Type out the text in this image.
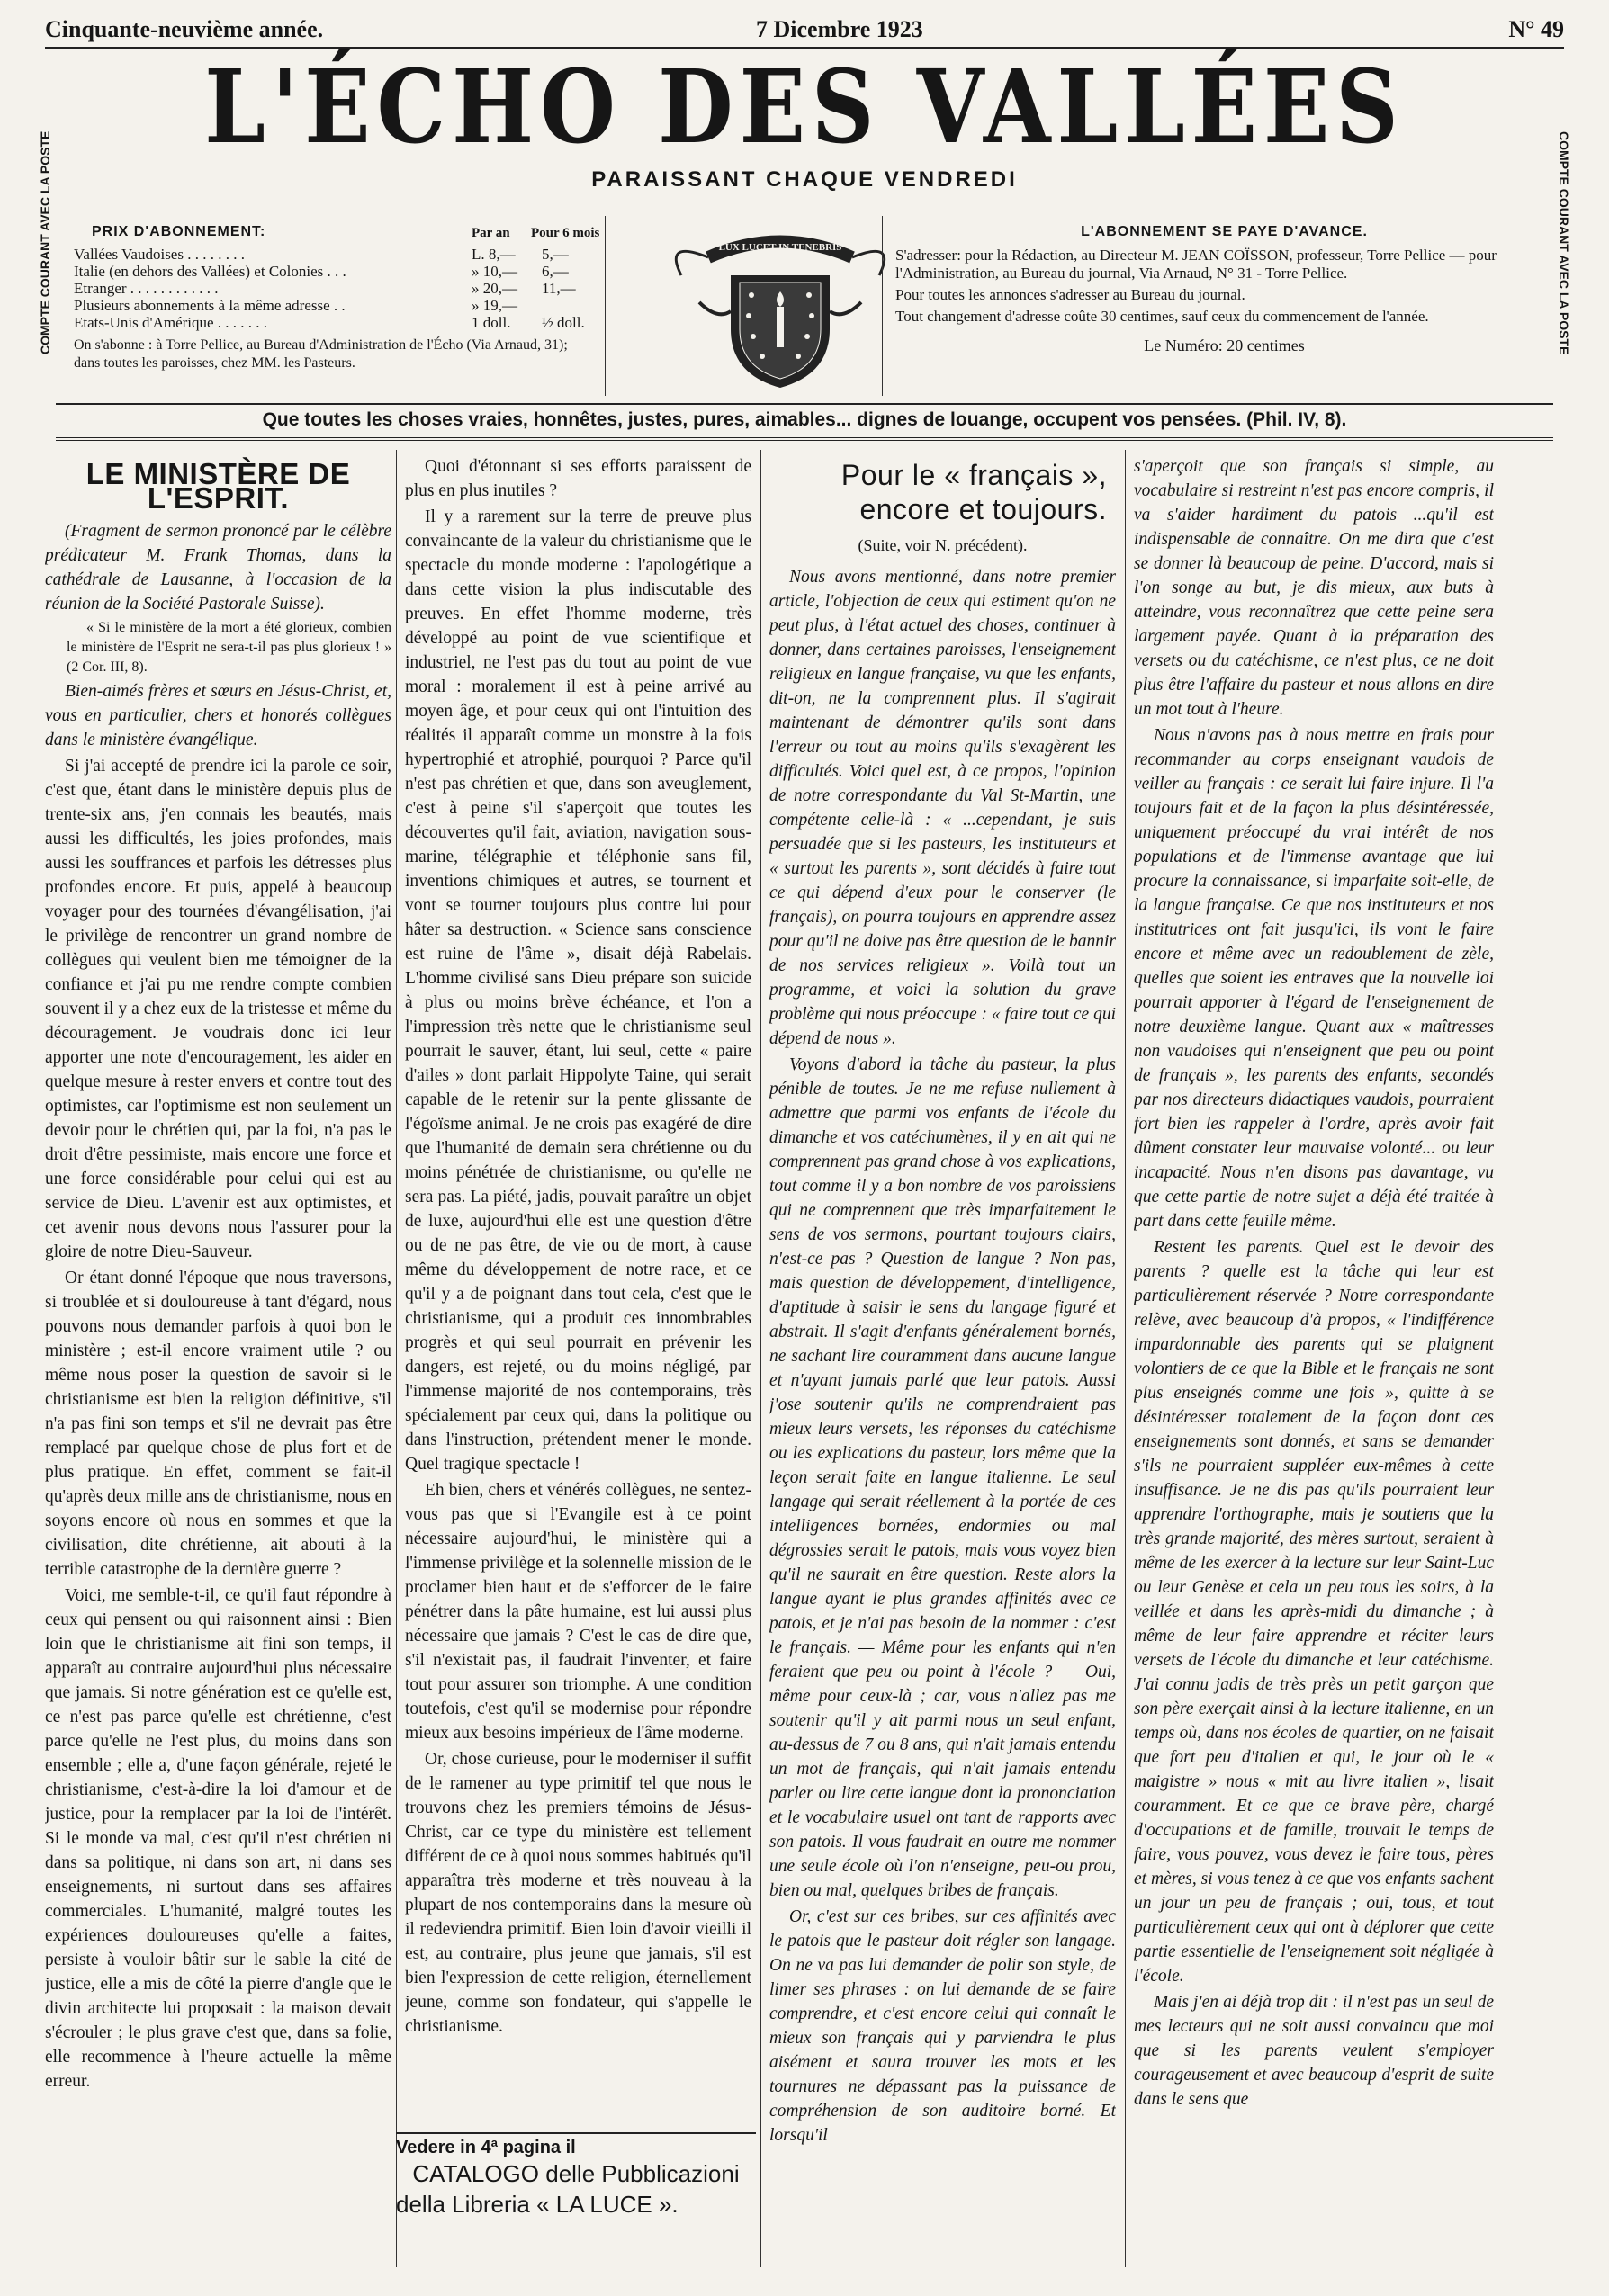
Cinquante-neuvième année.	7 Dicembre 1923	N° 49
COMPTE COURANT AVEC LA POSTE	COMPTE COURANT AVEC LA POSTE
L'ÉCHO DES VALLÉES
PARAISSANT CHAQUE VENDREDI
PRIX D'ABONNEMENT:	Par an Pour 6 mois
Vallées Vaudoises . . . . . . . .	L. 8,— 5,—
Italie (en dehors des Vallées) et Colonies . . .	» 10,— 6,—
Etranger . . . . . . . . . . . .	» 20,— 11,—
Plusieurs abonnements à la même adresse . .	» 19,—
Etats-Unis d'Amérique . . . . . . .	1 doll. ½ doll.
On s'abonne : à Torre Pellice, au Bureau d'Administration de l'Écho (Via Arnaud, 31); dans toutes les paroisses, chez MM. les Pasteurs.
LUX LUCET IN TENEBRIS
L'ABONNEMENT SE PAYE D'AVANCE.

S'adresser: pour la Rédaction, au Directeur M. JEAN COÏSSON, professeur, Torre Pellice — pour l'Administration, au Bureau du journal, Via Arnaud, N° 31 - Torre Pellice.

Pour toutes les annonces s'adresser au Bureau du journal.

Tout changement d'adresse coûte 30 centimes, sauf ceux du commencement de l'année.

Le Numéro: 20 centimes
Que toutes les choses vraies, honnêtes, justes, pures, aimables... dignes de louange, occupent vos pensées. (Phil. IV, 8).
LE MINISTÈRE DE L'ESPRIT.

(Fragment de sermon prononcé par le célèbre prédicateur M. Frank Thomas, dans la cathédrale de Lausanne, à l'occasion de la réunion de la Société Pastorale Suisse).

« Si le ministère de la mort a été glorieux, combien le ministère de l'Esprit ne sera-t-il pas plus glorieux ! » (2 Cor. III, 8).

Bien-aimés frères et sœurs en Jésus-Christ, et, vous en particulier, chers et honorés collègues dans le ministère évangélique.

Si j'ai accepté de prendre ici la parole ce soir, c'est que, étant dans le ministère depuis plus de trente-six ans, j'en connais les beautés, mais aussi les difficultés, les joies profondes, mais aussi les souffrances et parfois les détresses plus profondes encore. Et puis, appelé à beaucoup voyager pour des tournées d'évangélisation, j'ai le privilège de rencontrer un grand nombre de collègues qui veulent bien me témoigner de la confiance et j'ai pu me rendre compte combien souvent il y a chez eux de la tristesse et même du découragement. Je voudrais donc ici leur apporter une note d'encouragement, les aider en quelque mesure à rester envers et contre tout des optimistes, car l'optimisme est non seulement un devoir pour le chrétien qui, par la foi, n'a pas le droit d'être pessimiste, mais encore une force et une force considérable pour celui qui est au service de Dieu. L'avenir est aux optimistes, et cet avenir nous devons nous l'assurer pour la gloire de notre Dieu-Sauveur.

Or étant donné l'époque que nous traversons, si troublée et si douloureuse à tant d'égard, nous pouvons nous demander parfois à quoi bon le ministère ; est-il encore vraiment utile ? ou même nous poser la question de savoir si le christianisme est bien la religion définitive, s'il n'a pas fini son temps et s'il ne devrait pas être remplacé par quelque chose de plus fort et de plus pratique. En effet, comment se fait-il qu'après deux mille ans de christianisme, nous en soyons encore où nous en sommes et que la civilisation, dite chrétienne, ait abouti à la terrible catastrophe de la dernière guerre ?

Voici, me semble-t-il, ce qu'il faut répondre à ceux qui pensent ou qui raisonnent ainsi : Bien loin que le christianisme ait fini son temps, il apparaît au contraire aujourd'hui plus nécessaire que jamais. Si notre génération est ce qu'elle est, ce n'est pas parce qu'elle est chrétienne, c'est parce qu'elle ne l'est plus, du moins dans son ensemble ; elle a, d'une façon générale, rejeté le christianisme, c'est-à-dire la loi d'amour et de justice, pour la remplacer par la loi de l'intérêt. Si le monde va mal, c'est qu'il n'est chrétien ni dans sa politique, ni dans son art, ni dans ses enseignements, ni surtout dans ses affaires commerciales. L'humanité, malgré toutes les expériences douloureuses qu'elle a faites, persiste à vouloir bâtir sur le sable la cité de justice, elle a mis de côté la pierre d'angle que le divin architecte lui proposait : la maison devait s'écrouler ; le plus grave c'est que, dans sa folie, elle recommence à l'heure actuelle la même erreur.

Quoi d'étonnant si ses efforts paraissent de plus en plus inutiles ?

Il y a rarement sur la terre de preuve plus convaincante de la valeur du christianisme que le spectacle du monde moderne : l'apologétique a dans cette vision la plus indiscutable des preuves. En effet l'homme moderne, très développé au point de vue scientifique et industriel, ne l'est pas du tout au point de vue moral : moralement il est à peine arrivé au moyen âge, et pour ceux qui ont l'intuition des réalités il apparaît comme un monstre à la fois hypertrophié et atrophié, pourquoi ? Parce qu'il n'est pas chrétien et que, dans son aveuglement, c'est à peine s'il s'aperçoit que toutes les découvertes qu'il fait, aviation, navigation sous-marine, télégraphie et téléphonie sans fil, inventions chimiques et autres, se tournent et vont se tourner toujours plus contre lui pour hâter sa destruction. « Science sans conscience est ruine de l'âme », disait déjà Rabelais. L'homme civilisé sans Dieu prépare son suicide à plus ou moins brève échéance, et l'on a l'impression très nette que le christianisme seul pourrait le sauver, étant, lui seul, cette « paire d'ailes » dont parlait Hippolyte Taine, qui serait capable de le retenir sur la pente glissante de l'égoïsme animal. Je ne crois pas exagéré de dire que l'humanité de demain sera chrétienne ou du moins pénétrée de christianisme, ou qu'elle ne sera pas. La piété, jadis, pouvait paraître un objet de luxe, aujourd'hui elle est une question d'être ou de ne pas être, de vie ou de mort, à cause même du développement de notre race, et ce qu'il y a de poignant dans tout cela, c'est que le christianisme, qui a produit ces innombrables progrès et qui seul pourrait en prévenir les dangers, est rejeté, ou du moins négligé, par l'immense majorité de nos contemporains, très spécialement par ceux qui, dans la politique ou dans l'instruction, prétendent mener le monde. Quel tragique spectacle !

Eh bien, chers et vénérés collègues, ne sentez-vous pas que si l'Evangile est à ce point nécessaire aujourd'hui, le ministère qui a l'immense privilège et la solennelle mission de le proclamer bien haut et de s'efforcer de le faire pénétrer dans la pâte humaine, est lui aussi plus nécessaire que jamais ? C'est le cas de dire que, s'il n'existait pas, il faudrait l'inventer, et faire tout pour assurer son triomphe. A une condition toutefois, c'est qu'il se modernise pour répondre mieux aux besoins impérieux de l'âme moderne.

Or, chose curieuse, pour le moderniser il suffit de le ramener au type primitif tel que nous le trouvons chez les premiers témoins de Jésus-Christ, car ce type du ministère est tellement différent de ce à quoi nous sommes habitués qu'il apparaîtra très moderne et très nouveau à la plupart de nos contemporains dans la mesure où il redeviendra primitif. Bien loin d'avoir vieilli il est, au contraire, plus jeune que jamais, s'il est bien l'expression de cette religion, éternellement jeune, comme son fondateur, qui s'appelle le christianisme.

Vedere in 4ª pagina il
CATALOGO delle Pubblicazioni
della Libreria « LA LUCE ».
Pour le « français »,
encore et toujours.
(Suite, voir N. précédent).

Nous avons mentionné, dans notre premier article, l'objection de ceux qui estiment qu'on ne peut plus, à l'état actuel des choses, continuer à donner, dans certaines paroisses, l'enseignement religieux en langue française, vu que les enfants, dit-on, ne la comprennent plus. Il s'agirait maintenant de démontrer qu'ils sont dans l'erreur ou tout au moins qu'ils s'exagèrent les difficultés. Voici quel est, à ce propos, l'opinion de notre correspondante du Val St-Martin, une compétente celle-là : « ...cependant, je suis persuadée que si les pasteurs, les instituteurs et « surtout les parents », sont décidés à faire tout ce qui dépend d'eux pour le conserver (le français), on pourra toujours en apprendre assez pour qu'il ne doive pas être question de le bannir de nos services religieux ». Voilà tout un programme, et voici la solution du grave problème qui nous préoccupe : « faire tout ce qui dépend de nous ».

Voyons d'abord la tâche du pasteur, la plus pénible de toutes. Je ne me refuse nullement à admettre que parmi vos enfants de l'école du dimanche et vos catéchumènes, il y en ait qui ne comprennent pas grand chose à vos explications, tout comme il y a bon nombre de vos paroissiens qui ne comprennent que très imparfaitement le sens de vos sermons, pourtant toujours clairs, n'est-ce pas ? Question de langue ? Non pas, mais question de développement, d'intelligence, d'aptitude à saisir le sens du langage figuré et abstrait. Il s'agit d'enfants généralement bornés, ne sachant lire couramment dans aucune langue et n'ayant jamais parlé que leur patois. Aussi j'ose soutenir qu'ils ne comprendraient pas mieux leurs versets, les réponses du catéchisme ou les explications du pasteur, lors même que la leçon serait faite en langue italienne. Le seul langage qui serait réellement à la portée de ces intelligences bornées, endormies ou mal dégrossies serait le patois, mais vous voyez bien qu'il ne saurait en être question. Reste alors la langue ayant le plus grandes affinités avec ce patois, et je n'ai pas besoin de la nommer : c'est le français. — Même pour les enfants qui n'en feraient que peu ou point à l'école ? — Oui, même pour ceux-là ; car, vous n'allez pas me soutenir qu'il y ait parmi nous un seul enfant, au-dessus de 7 ou 8 ans, qui n'ait jamais entendu un mot de français, qui n'ait jamais entendu parler ou lire cette langue dont la prononciation et le vocabulaire usuel ont tant de rapports avec son patois. Il vous faudrait en outre me nommer une seule école où l'on n'enseigne, peu-ou prou, bien ou mal, quelques bribes de français.

Or, c'est sur ces bribes, sur ces affinités avec le patois que le pasteur doit régler son langage. On ne va pas lui demander de polir son style, de limer ses phrases : on lui demande de se faire comprendre, et c'est encore celui qui connaît le mieux son français qui y parviendra le plus aisément et saura trouver les mots et les tournures ne dépassant pas la puissance de compréhension de son auditoire borné. Et lorsqu'il

s'aperçoit que son français si simple, au vocabulaire si restreint n'est pas encore compris, il va s'aider hardiment du patois ...qu'il est indispensable de connaître. On me dira que c'est se donner là beaucoup de peine. D'accord, mais si l'on songe au but, je dis mieux, aux buts à atteindre, vous reconnaîtrez que cette peine sera largement payée. Quant à la préparation des versets ou du catéchisme, ce n'est plus, ce ne doit plus être l'affaire du pasteur et nous allons en dire un mot tout à l'heure.

Nous n'avons pas à nous mettre en frais pour recommander au corps enseignant vaudois de veiller au français : ce serait lui faire injure. Il l'a toujours fait et de la façon la plus désintéressée, uniquement préoccupé du vrai intérêt de nos populations et de l'immense avantage que lui procure la connaissance, si imparfaite soit-elle, de la langue française. Ce que nos instituteurs et nos institutrices ont fait jusqu'ici, ils vont le faire encore et même avec un redoublement de zèle, quelles que soient les entraves que la nouvelle loi pourrait apporter à l'égard de l'enseignement de notre deuxième langue. Quant aux « maîtresses non vaudoises qui n'enseignent que peu ou point de français », les parents des enfants, secondés par nos directeurs didactiques vaudois, pourraient fort bien les rappeler à l'ordre, après avoir fait dûment constater leur mauvaise volonté... ou leur incapacité. Nous n'en disons pas davantage, vu que cette partie de notre sujet a déjà été traitée à part dans cette feuille même.

Restent les parents. Quel est le devoir des parents ? quelle est la tâche qui leur est particulièrement réservée ? Notre correspondante relève, avec beaucoup d'à propos, « l'indifférence impardonnable des parents qui se plaignent volontiers de ce que la Bible et le français ne sont plus enseignés comme une fois », quitte à se désintéresser totalement de la façon dont ces enseignements sont donnés, et sans se demander s'ils ne pourraient suppléer eux-mêmes à cette insuffisance. Je ne dis pas qu'ils pourraient leur apprendre l'orthographe, mais je soutiens que la très grande majorité, des mères surtout, seraient à même de les exercer à la lecture sur leur Saint-Luc ou leur Genèse et cela un peu tous les soirs, à la veillée et dans les après-midi du dimanche ; à même de leur faire apprendre et réciter leurs versets de l'école du dimanche et leur catéchisme. J'ai connu jadis de très près un petit garçon que son père exerçait ainsi à la lecture italienne, en un temps où, dans nos écoles de quartier, on ne faisait que fort peu d'italien et qui, le jour où le « maigistre » nous « mit au livre italien », lisait couramment. Et ce que ce brave père, chargé d'occupations et de famille, trouvait le temps de faire, vous pouvez, vous devez le faire tous, pères et mères, si vous tenez à ce que vos enfants sachent un jour un peu de français ; oui, tous, et tout particulièrement ceux qui ont à déplorer que cette partie essentielle de l'enseignement soit négligée à l'école.

Mais j'en ai déjà trop dit : il n'est pas un seul de mes lecteurs qui ne soit aussi convaincu que moi que si les parents veulent s'employer courageusement et avec beaucoup d'esprit de suite dans le sens que
